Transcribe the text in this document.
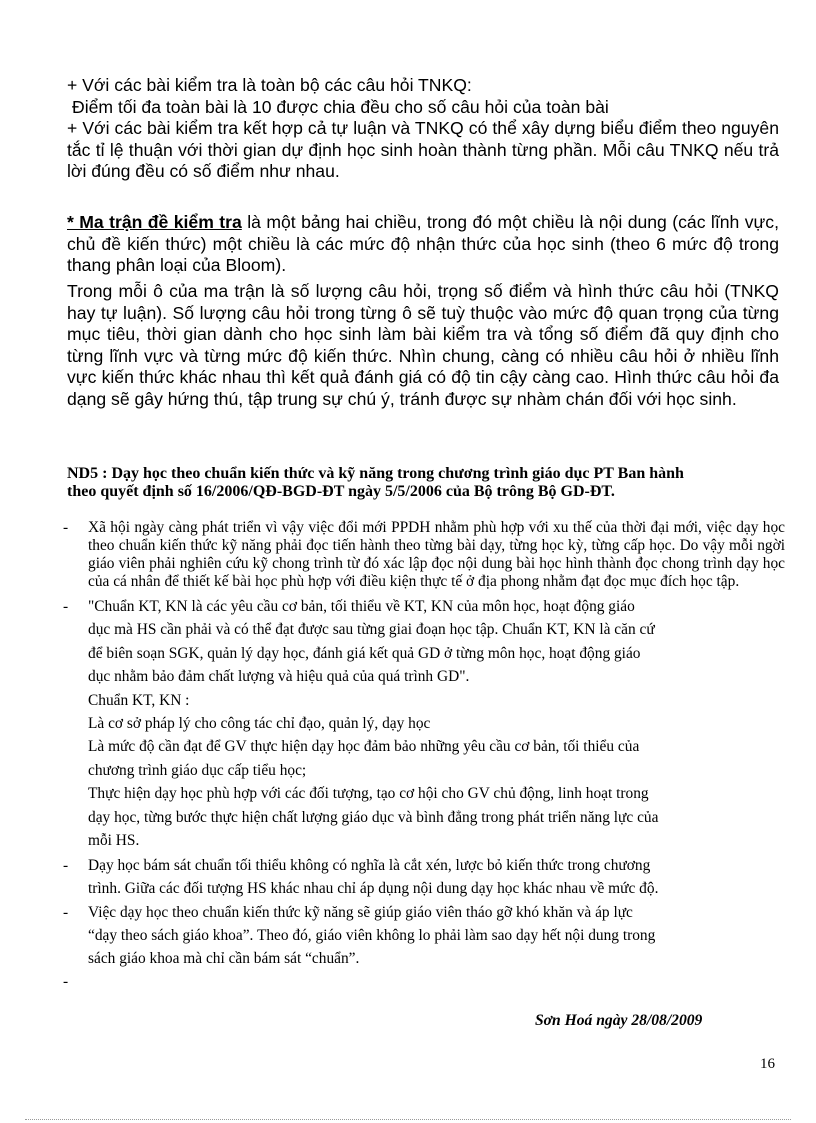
+ Với các bài kiểm tra là toàn bộ các câu hỏi TNKQ:
Điểm tối đa toàn bài là 10 được chia đều cho số câu hỏi của toàn bài
+ Với các bài kiểm tra kết hợp cả tự luận và TNKQ có thể xây dựng biểu điểm theo nguyên tắc tỉ lệ thuận với thời gian dự định học sinh hoàn thành từng phần. Mỗi câu TNKQ nếu trả lời đúng đều có số điểm như nhau.
* Ma trận đề kiểm tra là một bảng hai chiều, trong đó một chiều là nội dung (các lĩnh vực, chủ đề kiến thức) một chiều là các mức độ nhận thức của học sinh (theo 6 mức độ trong thang phân loại của Bloom).
Trong mỗi ô của ma trận là số lượng câu hỏi, trọng số điểm và hình thức câu hỏi (TNKQ hay tự luận). Số lượng câu hỏi trong từng ô sẽ tuỳ thuộc vào mức độ quan trọng của từng mục tiêu, thời gian dành cho học sinh làm bài kiểm tra và tổng số điểm đã quy định cho từng lĩnh vực và từng mức độ kiến thức. Nhìn chung, càng có nhiều câu hỏi ở nhiều lĩnh vực kiến thức khác nhau thì kết quả đánh giá có độ tin cậy càng cao. Hình thức câu hỏi đa dạng sẽ gây hứng thú, tập trung sự chú ý, tránh được sự nhàm chán đối với học sinh.
ND5 : Dạy học theo chuẩn kiến thức và kỹ năng trong chương trình giáo dục PT Ban hành
theo quyết định số 16/2006/QĐ-BGD-ĐT ngày 5/5/2006 của Bộ trông Bộ GD-ĐT.
- Xã hội ngày càng phát triển vì vậy việc đổi mới PPDH nhằm phù hợp với xu thế của thời đại mới, việc dạy học theo chuẩn kiến thức kỹ năng phải đọc tiến hành theo từng bài dạy, từng học kỳ, từng cấp học. Do vậy mỗi ngời giáo viên phải nghiên cứu kỹ chong trình từ đó xác lập đọc nội dung bài học hình thành đọc chong trình dạy học của cá nhân để thiết kế bài học phù hợp với điều kiện thực tế ở địa phong nhằm đạt đọc mục đích học tập.
- "Chuẩn KT, KN là các yêu cầu cơ bản, tối thiểu về KT, KN của môn học, hoạt động giáo
dục mà HS cần phải và có thể đạt được sau từng giai đoạn học tập. Chuẩn KT, KN là căn cứ
để biên soạn SGK, quản lý dạy học, đánh giá kết quả GD ở từng môn học, hoạt động giáo
dục nhằm bảo đảm chất lượng và hiệu quả của quá trình GD".
Chuẩn KT, KN :
Là cơ sở pháp lý cho công tác chỉ đạo, quản lý, dạy học
Là mức độ cần đạt để GV thực hiện dạy học đảm bảo những yêu cầu cơ bản, tối thiểu của
chương trình giáo dục cấp tiểu học;
Thực hiện dạy học phù hợp với các đối tượng, tạo cơ hội cho GV chủ động, linh hoạt trong
dạy học, từng bước thực hiện chất lượng giáo dục và bình đẳng trong phát triển năng lực của
mỗi HS.
- Dạy học bám sát chuẩn tối thiểu không có nghĩa là cắt xén, lược bỏ kiến thức trong chương
trình. Giữa các đối tượng HS khác nhau chỉ áp dụng nội dung dạy học khác nhau về mức độ.
- Việc dạy học theo chuẩn kiến thức kỹ năng sẽ giúp giáo viên tháo gỡ khó khăn và áp lực
“dạy theo sách giáo khoa”. Theo đó, giáo viên không lo phải làm sao dạy hết nội dung trong
sách giáo khoa mà chỉ cần bám sát “chuẩn”.
-
Sơn Hoá ngày 28/08/2009
16
